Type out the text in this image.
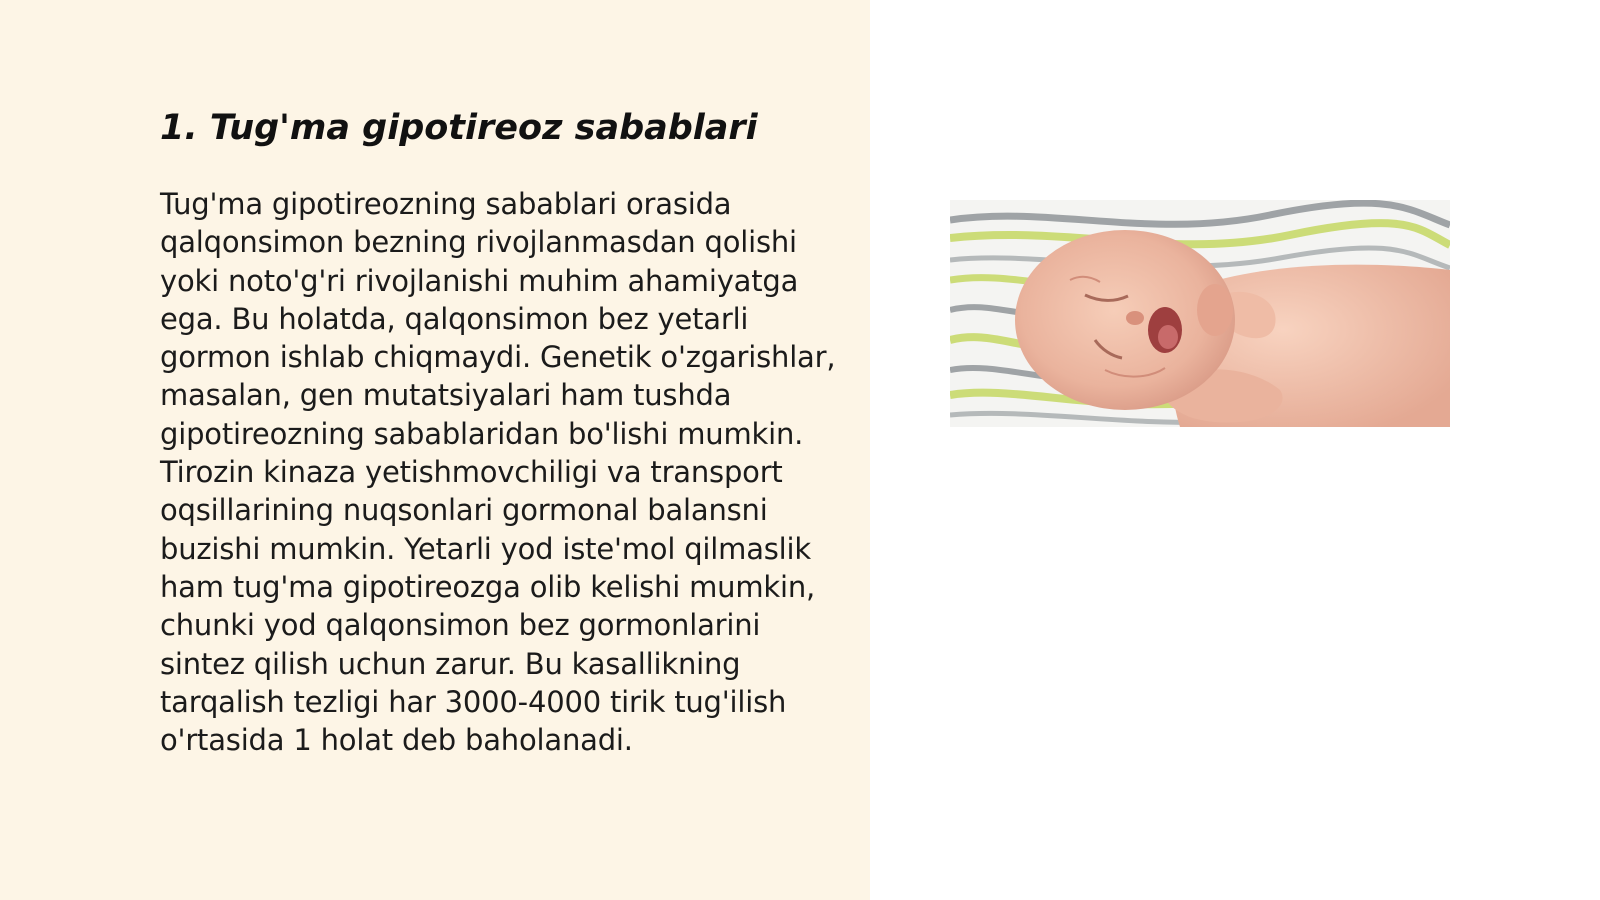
1. Tug'ma gipotireoz sabablari

Tug'ma gipotireozning sabablari orasida qalqonsimon bezning rivojlanmasdan qolishi yoki noto'g'ri rivojlanishi muhim ahamiyatga ega. Bu holatda, qalqonsimon bez yetarli gormon ishlab chiqmaydi. Genetik o'zgarishlar, masalan, gen mutatsiyalari ham tushda gipotireozning sabablaridan bo'lishi mumkin. Tirozin kinaza yetishmovchiligi va transport oqsillarining nuqsonlari gormonal balansni buzishi mumkin. Yetarli yod iste'mol qilmaslik ham tug'ma gipotireozga olib kelishi mumkin, chunki yod qalqonsimon bez gormonlarini sintez qilish uchun zarur. Bu kasallikning tarqalish tezligi har 3000-4000 tirik tug'ilish o'rtasida 1 holat deb baholanadi.
